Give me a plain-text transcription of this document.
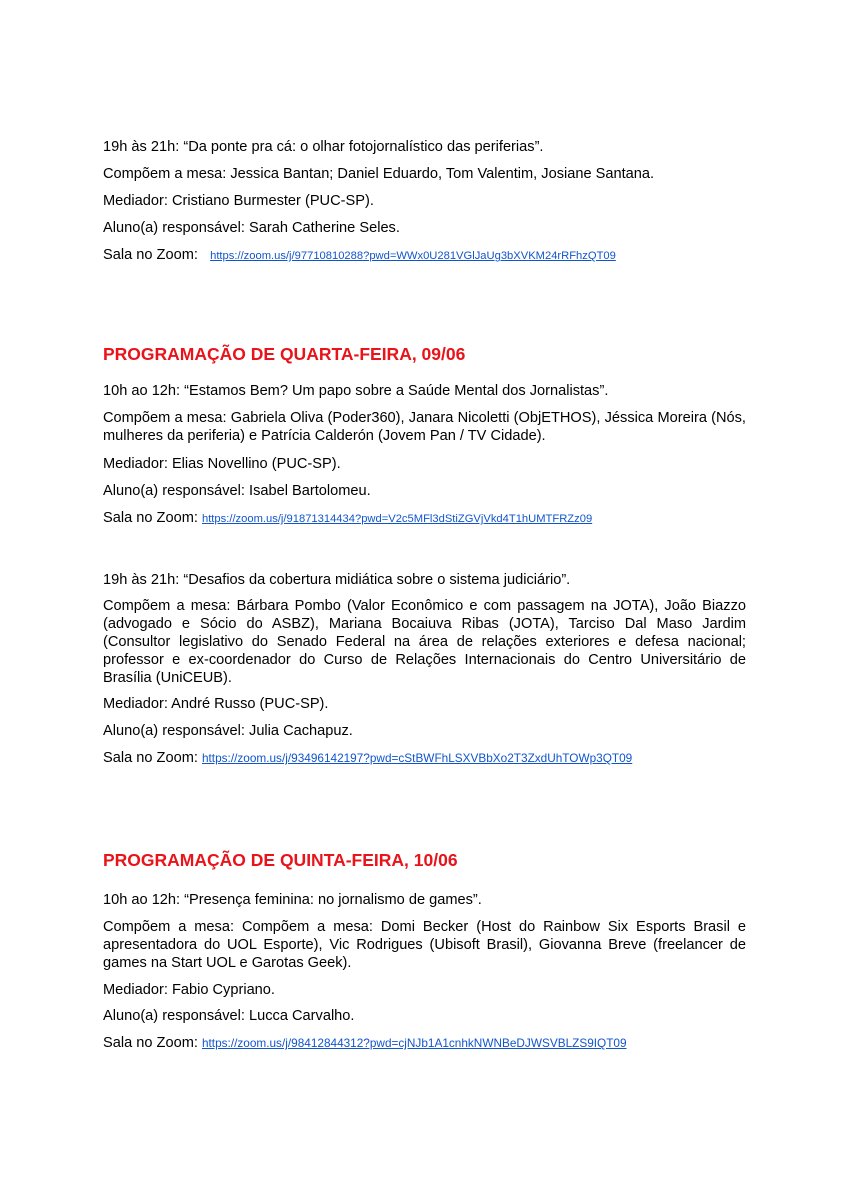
19h às 21h: “Da ponte pra cá: o olhar fotojornalístico das periferias”.
Compõem a mesa: Jessica Bantan; Daniel Eduardo, Tom Valentim, Josiane Santana.
Mediador: Cristiano Burmester (PUC-SP).
Aluno(a) responsável: Sarah Catherine Seles.
Sala no Zoom:   https://zoom.us/j/97710810288?pwd=WWx0U281VGlJaUg3bXVKM24rRFhzQT09
PROGRAMAÇÃO DE QUARTA-FEIRA, 09/06
10h ao 12h: “Estamos Bem? Um papo sobre a Saúde Mental dos Jornalistas”.
Compõem a mesa: Gabriela Oliva (Poder360), Janara Nicoletti (ObjETHOS), Jéssica Moreira (Nós, mulheres da periferia) e Patrícia Calderón (Jovem Pan / TV Cidade).
Mediador: Elias Novellino (PUC-SP).
Aluno(a) responsável: Isabel Bartolomeu.
Sala no Zoom: https://zoom.us/j/91871314434?pwd=V2c5MFl3dStiZGVjVkd4T1hUMTFRZz09
19h às 21h: “Desafios da cobertura midiática sobre o sistema judiciário”.
Compõem a mesa: Bárbara Pombo (Valor Econômico e com passagem na JOTA), João Biazzo (advogado e Sócio do ASBZ), Mariana Bocaiuva Ribas (JOTA), Tarciso Dal Maso Jardim (Consultor legislativo do Senado Federal na área de relações exteriores e defesa nacional; professor e ex-coordenador do Curso de Relações Internacionais do Centro Universitário de Brasília (UniCEUB).
Mediador: André Russo (PUC-SP).
Aluno(a) responsável: Julia Cachapuz.
Sala no Zoom: https://zoom.us/j/93496142197?pwd=cStBWFhLSXVBbXo2T3ZxdUhTOWp3QT09
PROGRAMAÇÃO DE QUINTA-FEIRA, 10/06
10h ao 12h: “Presença feminina: no jornalismo de games”.
Compõem a mesa: Compõem a mesa: Domi Becker (Host do Rainbow Six Esports Brasil e apresentadora do UOL Esporte), Vic Rodrigues (Ubisoft Brasil), Giovanna Breve (freelancer de games na Start UOL e Garotas Geek).
Mediador: Fabio Cypriano.
Aluno(a) responsável: Lucca Carvalho.
Sala no Zoom: https://zoom.us/j/98412844312?pwd=cjNJb1A1cnhkNWNBeDJWSVBLZS9IQT09
